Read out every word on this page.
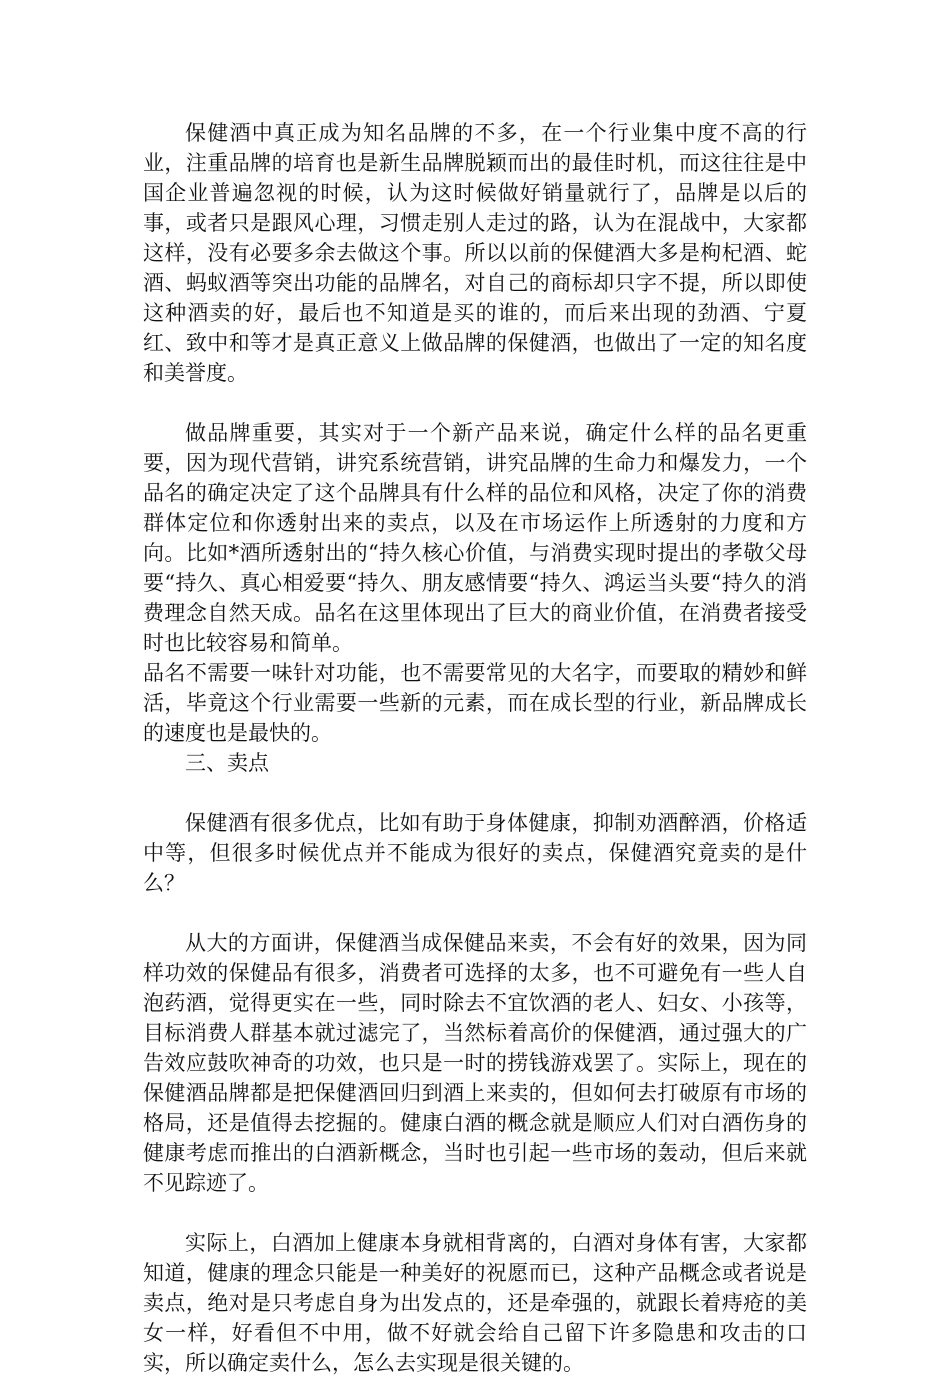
保健酒中真正成为知名品牌的不多，在一个行业集中度不高的行业，注重品牌的培育也是新生品牌脱颖而出的最佳时机，而这往往是中国企业普遍忽视的时候，认为这时候做好销量就行了，品牌是以后的事，或者只是跟风心理，习惯走别人走过的路，认为在混战中，大家都这样，没有必要多余去做这个事。所以以前的保健酒大多是枸杞酒、蛇酒、蚂蚁酒等突出功能的品牌名，对自己的商标却只字不提，所以即使这种酒卖的好，最后也不知道是买的谁的，而后来出现的劲酒、宁夏红、致中和等才是真正意义上做品牌的保健酒，也做出了一定的知名度和美誉度。

做品牌重要，其实对于一个新产品来说，确定什么样的品名更重要，因为现代营销，讲究系统营销，讲究品牌的生命力和爆发力，一个品名的确定决定了这个品牌具有什么样的品位和风格，决定了你的消费群体定位和你透射出来的卖点，以及在市场运作上所透射的力度和方向。比如*酒所透射出的“持久核心价值，与消费实现时提出的孝敬父母要“持久、真心相爱要“持久、朋友感情要“持久、鸿运当头要“持久的消费理念自然天成。品名在这里体现出了巨大的商业价值，在消费者接受时也比较容易和简单。

品名不需要一味针对功能，也不需要常见的大名字，而要取的精妙和鲜活，毕竟这个行业需要一些新的元素，而在成长型的行业，新品牌成长的速度也是最快的。

三、卖点

保健酒有很多优点，比如有助于身体健康，抑制劝酒醉酒，价格适中等，但很多时候优点并不能成为很好的卖点，保健酒究竟卖的是什么？

从大的方面讲，保健酒当成保健品来卖，不会有好的效果，因为同样功效的保健品有很多，消费者可选择的太多，也不可避免有一些人自泡药酒，觉得更实在一些，同时除去不宜饮酒的老人、妇女、小孩等，目标消费人群基本就过滤完了，当然标着高价的保健酒，通过强大的广告效应鼓吹神奇的功效，也只是一时的捞钱游戏罢了。实际上，现在的保健酒品牌都是把保健酒回归到酒上来卖的，但如何去打破原有市场的格局，还是值得去挖掘的。健康白酒的概念就是顺应人们对白酒伤身的健康考虑而推出的白酒新概念，当时也引起一些市场的轰动，但后来就不见踪迹了。

实际上，白酒加上健康本身就相背离的，白酒对身体有害，大家都知道，健康的理念只能是一种美好的祝愿而已，这种产品概念或者说是卖点，绝对是只考虑自身为出发点的，还是牵强的，就跟长着痔疮的美女一样，好看但不中用，做不好就会给自己留下许多隐患和攻击的口实，所以确定卖什么，怎么去实现是很关键的。
